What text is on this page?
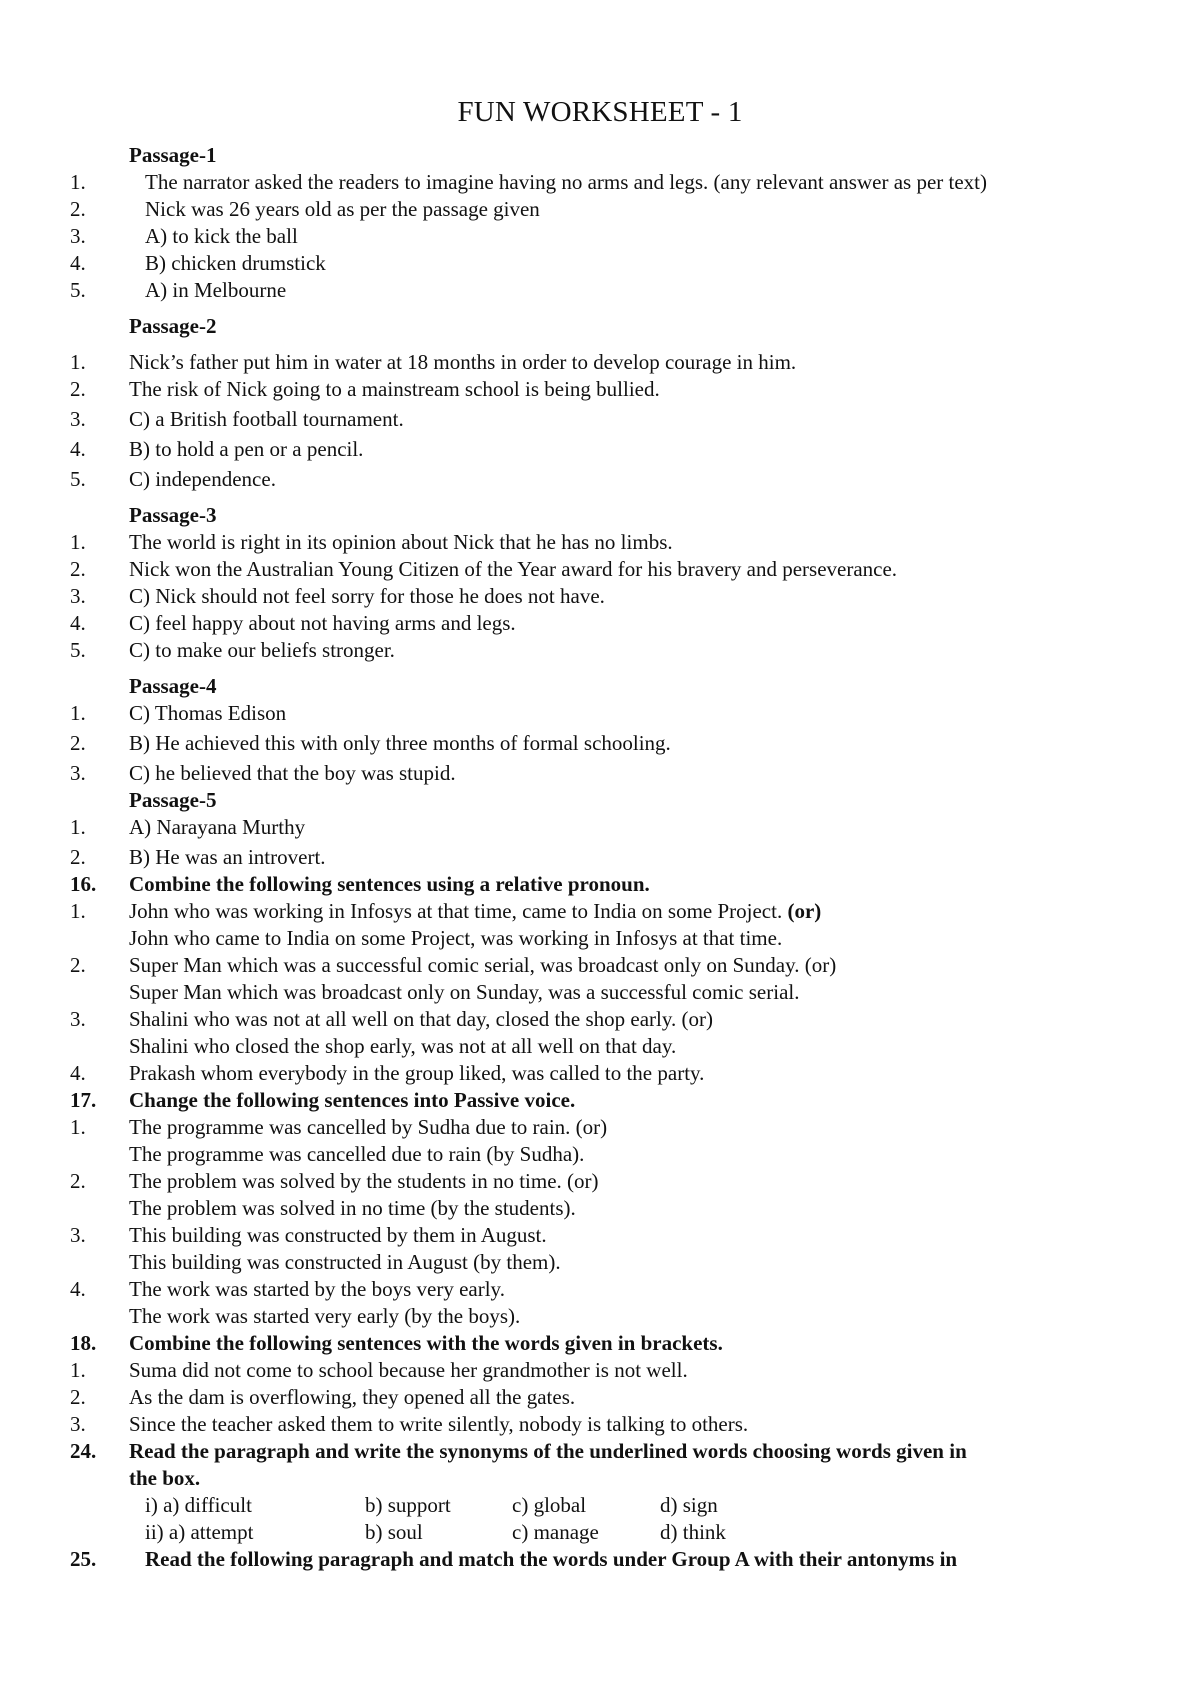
FUN WORKSHEET - 1
Passage-1
1.	The narrator asked the readers to imagine having no arms and legs. (any relevant answer as per text)
2.	Nick was 26 years old as per the passage given
3.	A) to kick the ball
4.	B) chicken drumstick
5.	A) in Melbourne
Passage-2
1. Nick’s father put him in water at 18 months in order to develop courage in him.
2. The risk of Nick going to a mainstream school is being bullied.
3. C) a British football tournament.
4. B) to hold a pen or a pencil.
5. C) independence.
Passage-3
1. The world is right in its opinion about Nick that he has no limbs.
2. Nick won the Australian Young Citizen of the Year award for his bravery and perseverance.
3. C) Nick should not feel sorry for those he does not have.
4. C) feel happy about not having arms and legs.
5. C) to make our beliefs stronger.
Passage-4
1. C) Thomas Edison
2. B) He achieved this with only three months of formal schooling.
3. C) he believed that the boy was stupid.
Passage-5
1. A) Narayana Murthy
2. B) He was an introvert.
16. Combine the following sentences using a relative pronoun.
1. John who was working in Infosys at that time, came to India on some Project. (or)
John who came to India on some Project, was working in Infosys at that time.
2. Super Man which was a successful comic serial, was broadcast only on Sunday. (or)
Super Man which was broadcast only on Sunday, was a successful comic serial.
3. Shalini who was not at all well on that day, closed the shop early. (or)
Shalini who closed the shop early, was not at all well on that day.
4. Prakash whom everybody in the group liked, was called to the party.
17. Change the following sentences into Passive voice.
1. The programme was cancelled by Sudha due to rain. (or)
The programme was cancelled due to rain (by Sudha).
2. The problem was solved by the students in no time. (or)
The problem was solved in no time (by the students).
3. This building was constructed by them in August.
This building was constructed in August (by them).
4. The work was started by the boys very early.
The work was started very early (by the boys).
18. Combine the following sentences with the words given in brackets.
1. Suma did not come to school because her grandmother is not well.
2. As the dam is overflowing, they opened all the gates.
3. Since the teacher asked them to write silently, nobody is talking to others.
24. Read the paragraph and write the synonyms of the underlined words choosing words given in
the box.
i) a) difficult	b) support	c) global	d) sign
ii) a) attempt	b) soul	c) manage	d) think
25. Read the following paragraph and match the words under Group A with their antonyms in
